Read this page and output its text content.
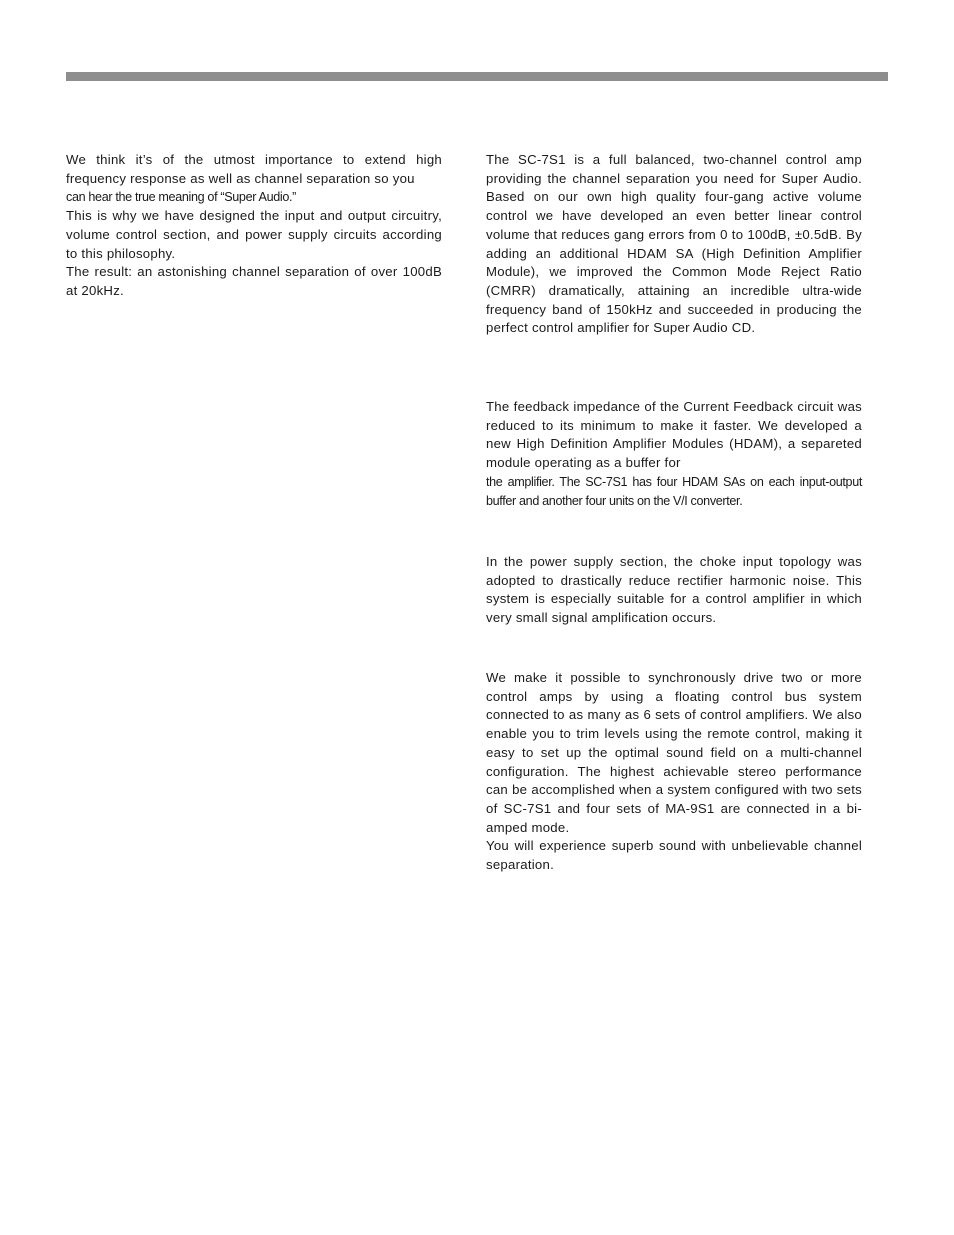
We think it’s of the utmost importance to extend high frequency response as well as channel separation so you

can hear the true meaning of “Super Audio.”

This is why we have designed the input and output circuitry, volume control section, and power supply circuits according to this philosophy.

The result: an astonishing channel separation of over 100dB at 20kHz.

The SC-7S1 is a full balanced, two-channel control amp providing the channel separation you need for Super Audio. Based on our own high quality four-gang active volume control we have developed an even better linear control volume that reduces gang errors from 0 to 100dB, ±0.5dB. By adding an additional HDAM SA (High Definition Amplifier Module), we improved the Common Mode Reject Ratio (CMRR) dramatically, attaining an incredible ultra-wide frequency band of 150kHz and succeeded in producing the perfect control amplifier for Super Audio CD.

The feedback impedance of the Current Feedback circuit was reduced to its minimum to make it faster. We developed a new High Definition Amplifier Modules (HDAM), a separeted module operating as a buffer for

the amplifier. The SC-7S1 has four HDAM SAs on each input-output buffer and another four units on the V/I converter.

In the power supply section, the choke input topology was adopted to drastically reduce rectifier harmonic noise. This system is especially suitable for a control amplifier in which very small signal amplification occurs.

We make it possible to synchronously drive two or more control amps by using a floating control bus system connected to as many as 6 sets of control amplifiers. We also enable you to trim levels using the remote control, making it easy to set up the optimal sound field on a multi-channel configuration. The highest achievable stereo performance can be accomplished when a system configured with two sets of SC-7S1 and four sets of MA-9S1 are connected in a bi-amped mode.

You will experience superb sound with unbelievable channel separation.
